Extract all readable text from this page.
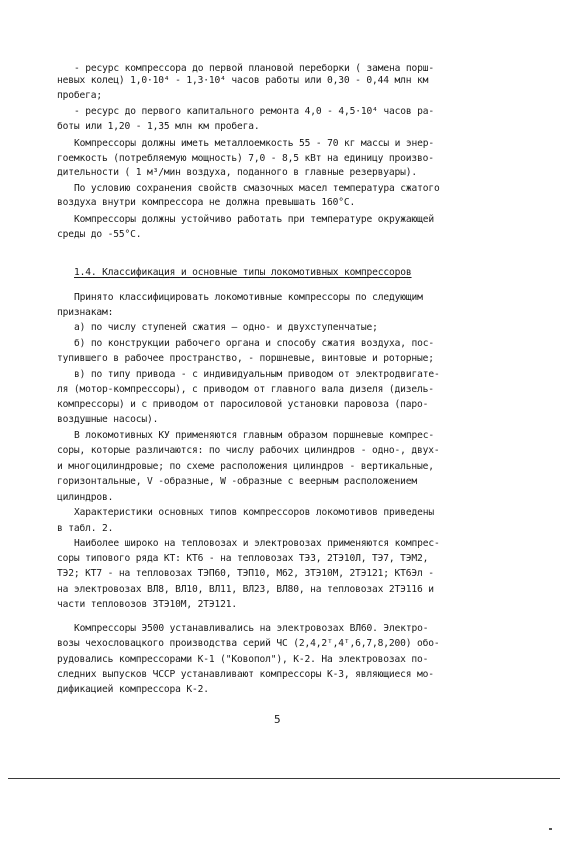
- ресурс компрессора до первой плановой переборки ( замена порш-
невых колец) 1,0·10⁴ - 1,3·10⁴ часов работы или 0,30 - 0,44 млн км
пробега;
- ресурс до первого капитального ремонта 4,0 - 4,5·10⁴ часов ра-
боты или 1,20 - 1,35 млн км пробега.
Компрессоры должны иметь металлоемкость 55 - 70 кг массы и энер-
гоемкость (потребляемую мощность) 7,0 - 8,5 кВт на единицу произво-
дительности ( 1 м³/мин воздуха, поданного в главные резервуары).
По условию сохранения свойств смазочных масел температура сжатого
воздуха внутри компрессора не должна превышать 160°С.
Компрессоры должны устойчиво работать при температуре окружающей
среды до -55°С.
1.4. Классификация и основные типы локомотивных компрессоров
Принято классифицировать локомотивные компрессоры по следующим
признакам:
а) по числу ступеней сжатия – одно- и двухступенчатые;
б) по конструкции рабочего органа и способу сжатия воздуха, пос-
тупившего в рабочее пространство, - поршневые, винтовые и роторные;
в) по типу привода - с индивидуальным приводом от электродвигате-
ля (мотор-компрессоры), с приводом от главного вала дизеля (дизель-
компрессоры) и с приводом от паросиловой установки паровоза (паро-
воздушные насосы).
В локомотивных КУ применяются главным образом поршневые компрес-
соры, которые различаются: по числу рабочих цилиндров - одно-, двух-
и многоцилиндровые; по схеме расположения цилиндров - вертикальные,
горизонтальные, V -образные, W -образные с веерным расположением
цилиндров.
Характеристики основных типов компрессоров локомотивов приведены
в табл. 2.
Наиболее широко на тепловозах и электровозах применяются компрес-
соры типового ряда КТ: КТ6 - на тепловозах ТЭ3, 2ТЭ10Л, ТЭ7, ТЭМ2,
ТЭ2; КТ7 - на тепловозах ТЭП60, ТЭП10, М62, 3ТЭ10М, 2ТЭ121; КТ6Эл -
на электровозах ВЛ8, ВЛ10, ВЛ11, ВЛ23, ВЛ80, на тепловозах 2ТЭ116 и
части тепловозов 3ТЭ10М, 2ТЭ121.
Компрессоры Э500 устанавливались на электровозах ВЛ60. Электро-
возы чехословацкого производства серий ЧС (2,4,2ᵀ,4ᵀ,6,7,8,200) обо-
рудовались компрессорами К-1 ("Ковопол"), К-2. На электровозах по-
следних выпусков ЧССР устанавливают компрессоры К-3, являющиеся мо-
дификацией компрессора К-2.
5
